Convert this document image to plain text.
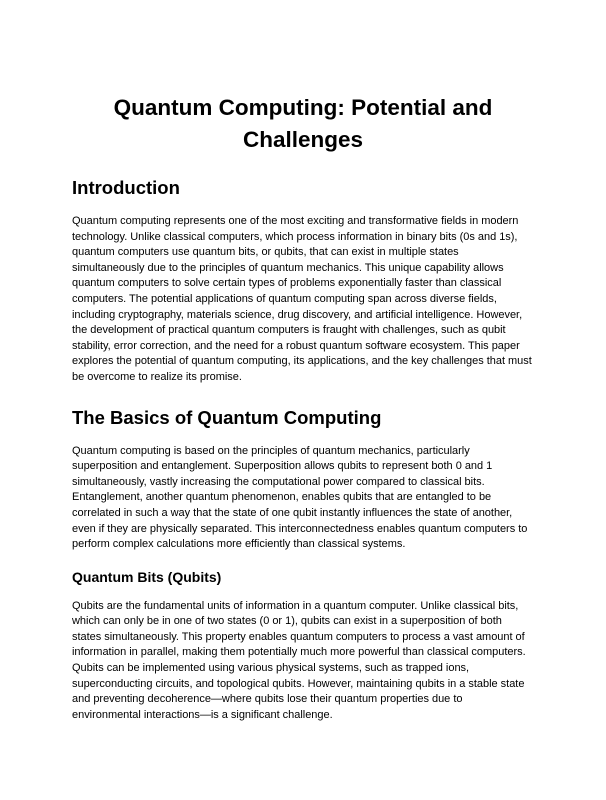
Quantum Computing: Potential and Challenges
Introduction

Quantum computing represents one of the most exciting and transformative fields in modern technology. Unlike classical computers, which process information in binary bits (0s and 1s), quantum computers use quantum bits, or qubits, that can exist in multiple states simultaneously due to the principles of quantum mechanics. This unique capability allows quantum computers to solve certain types of problems exponentially faster than classical computers. The potential applications of quantum computing span across diverse fields, including cryptography, materials science, drug discovery, and artificial intelligence. However, the development of practical quantum computers is fraught with challenges, such as qubit stability, error correction, and the need for a robust quantum software ecosystem. This paper explores the potential of quantum computing, its applications, and the key challenges that must be overcome to realize its promise.

The Basics of Quantum Computing

Quantum computing is based on the principles of quantum mechanics, particularly superposition and entanglement. Superposition allows qubits to represent both 0 and 1 simultaneously, vastly increasing the computational power compared to classical bits. Entanglement, another quantum phenomenon, enables qubits that are entangled to be correlated in such a way that the state of one qubit instantly influences the state of another, even if they are physically separated. This interconnectedness enables quantum computers to perform complex calculations more efficiently than classical systems.

Quantum Bits (Qubits)

Qubits are the fundamental units of information in a quantum computer. Unlike classical bits, which can only be in one of two states (0 or 1), qubits can exist in a superposition of both states simultaneously. This property enables quantum computers to process a vast amount of information in parallel, making them potentially much more powerful than classical computers. Qubits can be implemented using various physical systems, such as trapped ions, superconducting circuits, and topological qubits. However, maintaining qubits in a stable state and preventing decoherence—where qubits lose their quantum properties due to environmental interactions—is a significant challenge.
